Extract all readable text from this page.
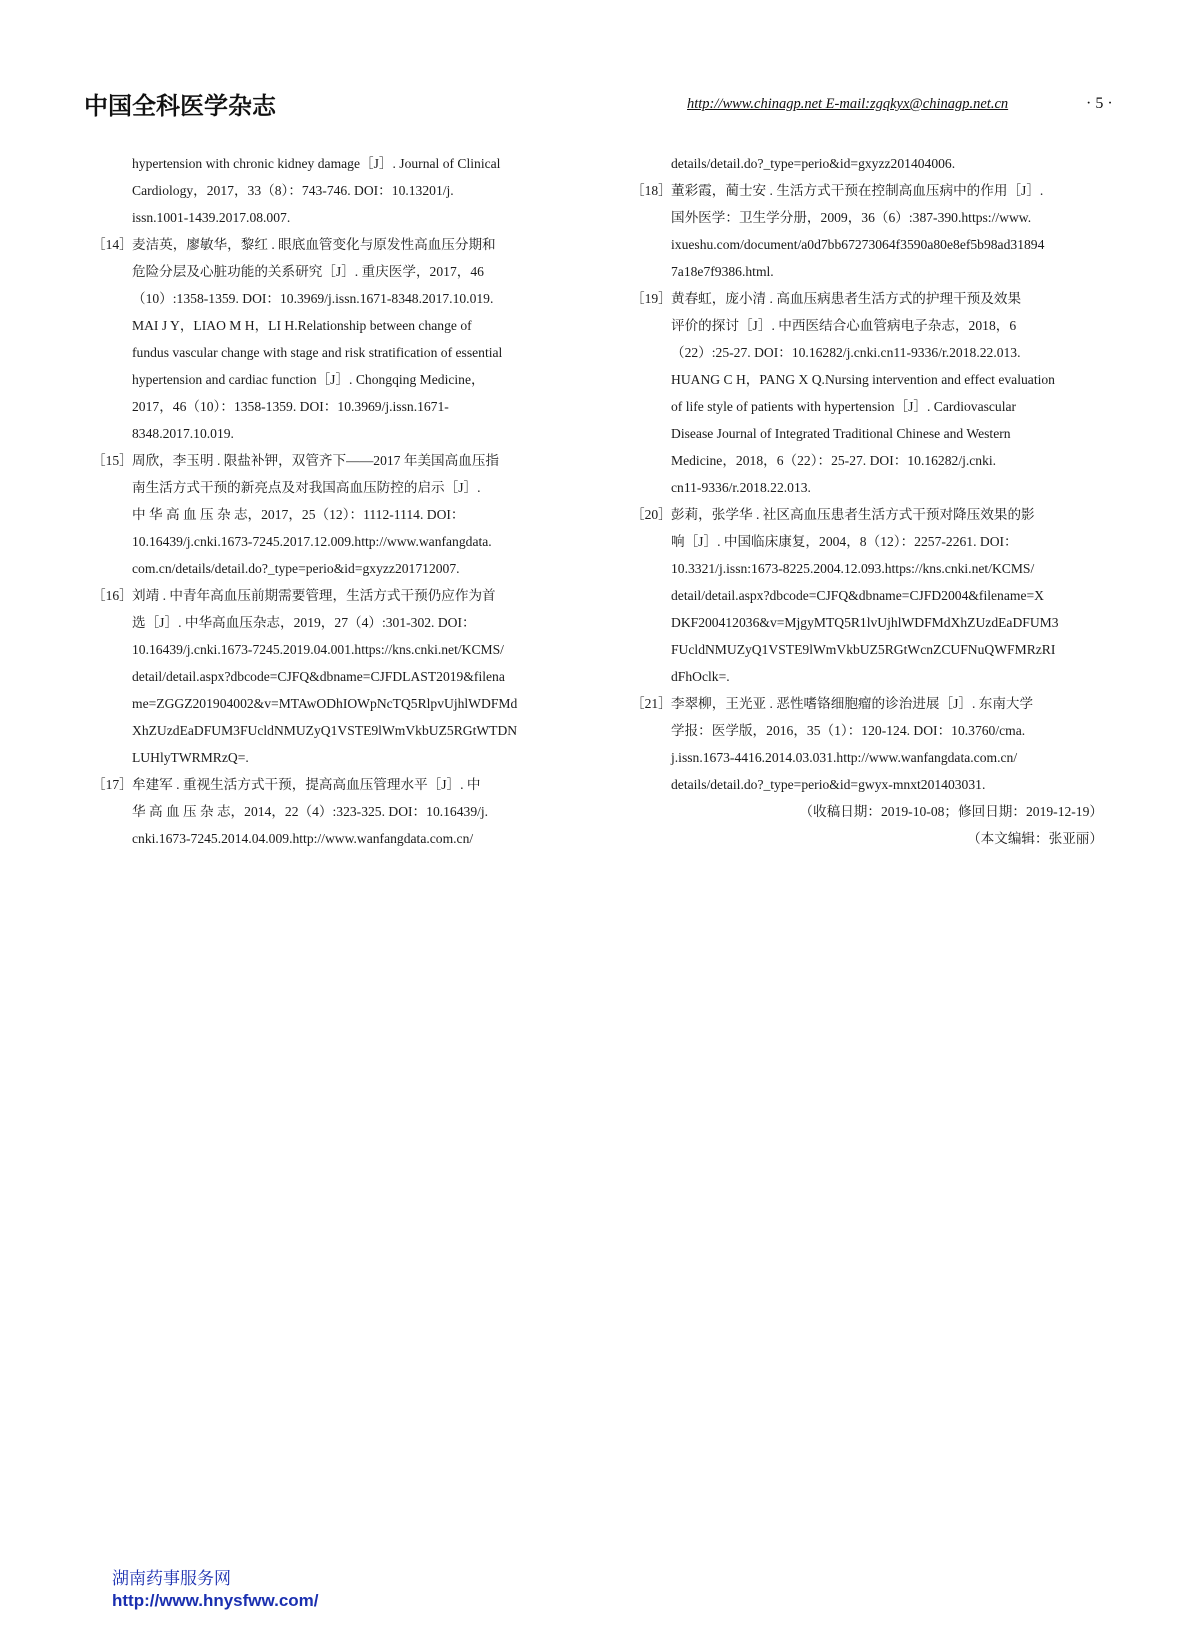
中国全科医学杂志	http://www.chinagp.net E-mail:zgqkyx@chinagp.net.cn	· 5 ·
hypertension with chronic kidney damage［J］. Journal of Clinical
Cardiology，2017，33（8）：743-746. DOI：10.13201/j.
issn.1001-1439.2017.08.007.
［14］ 麦洁英，廖敏华，黎红 . 眼底血管变化与原发性高血压分期和
危险分层及心脏功能的关系研究［J］. 重庆医学，2017，46
（10）:1358-1359. DOI：10.3969/j.issn.1671-8348.2017.10.019.
MAI J Y，LIAO M H，LI H.Relationship between change of
fundus vascular change with stage and risk stratification of essential
hypertension and cardiac function［J］. Chongqing Medicine，
2017，46（10）：1358-1359. DOI：10.3969/j.issn.1671-
8348.2017.10.019.
［15］ 周欣，李玉明 . 限盐补钾，双管齐下——2017 年美国高血压指
南生活方式干预的新亮点及对我国高血压防控的启示［J］.
中 华 高 血 压 杂 志，2017，25（12）：1112-1114. DOI：
10.16439/j.cnki.1673-7245.2017.12.009.http://www.wanfangdata.
com.cn/details/detail.do?_type=perio&id=gxyzz201712007.
［16］ 刘靖 . 中青年高血压前期需要管理，生活方式干预仍应作为首
选［J］. 中华高血压杂志，2019，27（4）:301-302. DOI：
10.16439/j.cnki.1673-7245.2019.04.001.https://kns.cnki.net/KCMS/
detail/detail.aspx?dbcode=CJFQ&dbname=CJFDLAST2019&filena
me=ZGGZ201904002&v=MTAwODhIOWpNcTQ5RlpvUjhlWDFMd
XhZUzdEaDFUM3FUcldNMUZyQ1VSTE9lWmVkbUZ5RGtWTDN
LUHlyTWRMRzQ=.
［17］ 牟建军 . 重视生活方式干预，提高高血压管理水平［J］. 中
华 高 血 压 杂 志，2014，22（4）:323-325. DOI：10.16439/j.
cnki.1673-7245.2014.04.009.http://www.wanfangdata.com.cn/
details/detail.do?_type=perio&id=gxyzz201404006.
［18］ 董彩霞，蔺士安 . 生活方式干预在控制高血压病中的作用［J］.
国外医学：卫生学分册，2009，36（6）:387-390.https://www.
ixueshu.com/document/a0d7bb67273064f3590a80e8ef5b98ad31894
7a18e7f9386.html.
［19］ 黄春虹，庞小清 . 高血压病患者生活方式的护理干预及效果
评价的探讨［J］. 中西医结合心血管病电子杂志，2018，6
（22）:25-27. DOI：10.16282/j.cnki.cn11-9336/r.2018.22.013.
HUANG C H，PANG X Q.Nursing intervention and effect evaluation
of life style of patients with hypertension［J］. Cardiovascular
Disease Journal of Integrated Traditional Chinese and Western
Medicine，2018，6（22）：25-27. DOI：10.16282/j.cnki.
cn11-9336/r.2018.22.013.
［20］ 彭莉，张学华 . 社区高血压患者生活方式干预对降压效果的影
响［J］. 中国临床康复，2004，8（12）：2257-2261. DOI：
10.3321/j.issn:1673-8225.2004.12.093.https://kns.cnki.net/KCMS/
detail/detail.aspx?dbcode=CJFQ&dbname=CJFD2004&filename=X
DKF200412036&v=MjgyMTQ5R1lvUjhlWDFMdXhZUzdEaDFUM3
FUcldNMUZyQ1VSTE9lWmVkbUZ5RGtWcnZCUFNuQWFMRzRI
dFhOclk=.
［21］ 李翠柳，王光亚 . 恶性嗜铬细胞瘤的诊治进展［J］. 东南大学
学报：医学版，2016，35（1）：120-124. DOI：10.3760/cma.
j.issn.1673-4416.2014.03.031.http://www.wanfangdata.com.cn/
details/detail.do?_type=perio&id=gwyx-mnxt201403031.
（收稿日期：2019-10-08；修回日期：2019-12-19）
（本文编辑：张亚丽）
湖南药事服务网
http://www.hnysfww.com/
